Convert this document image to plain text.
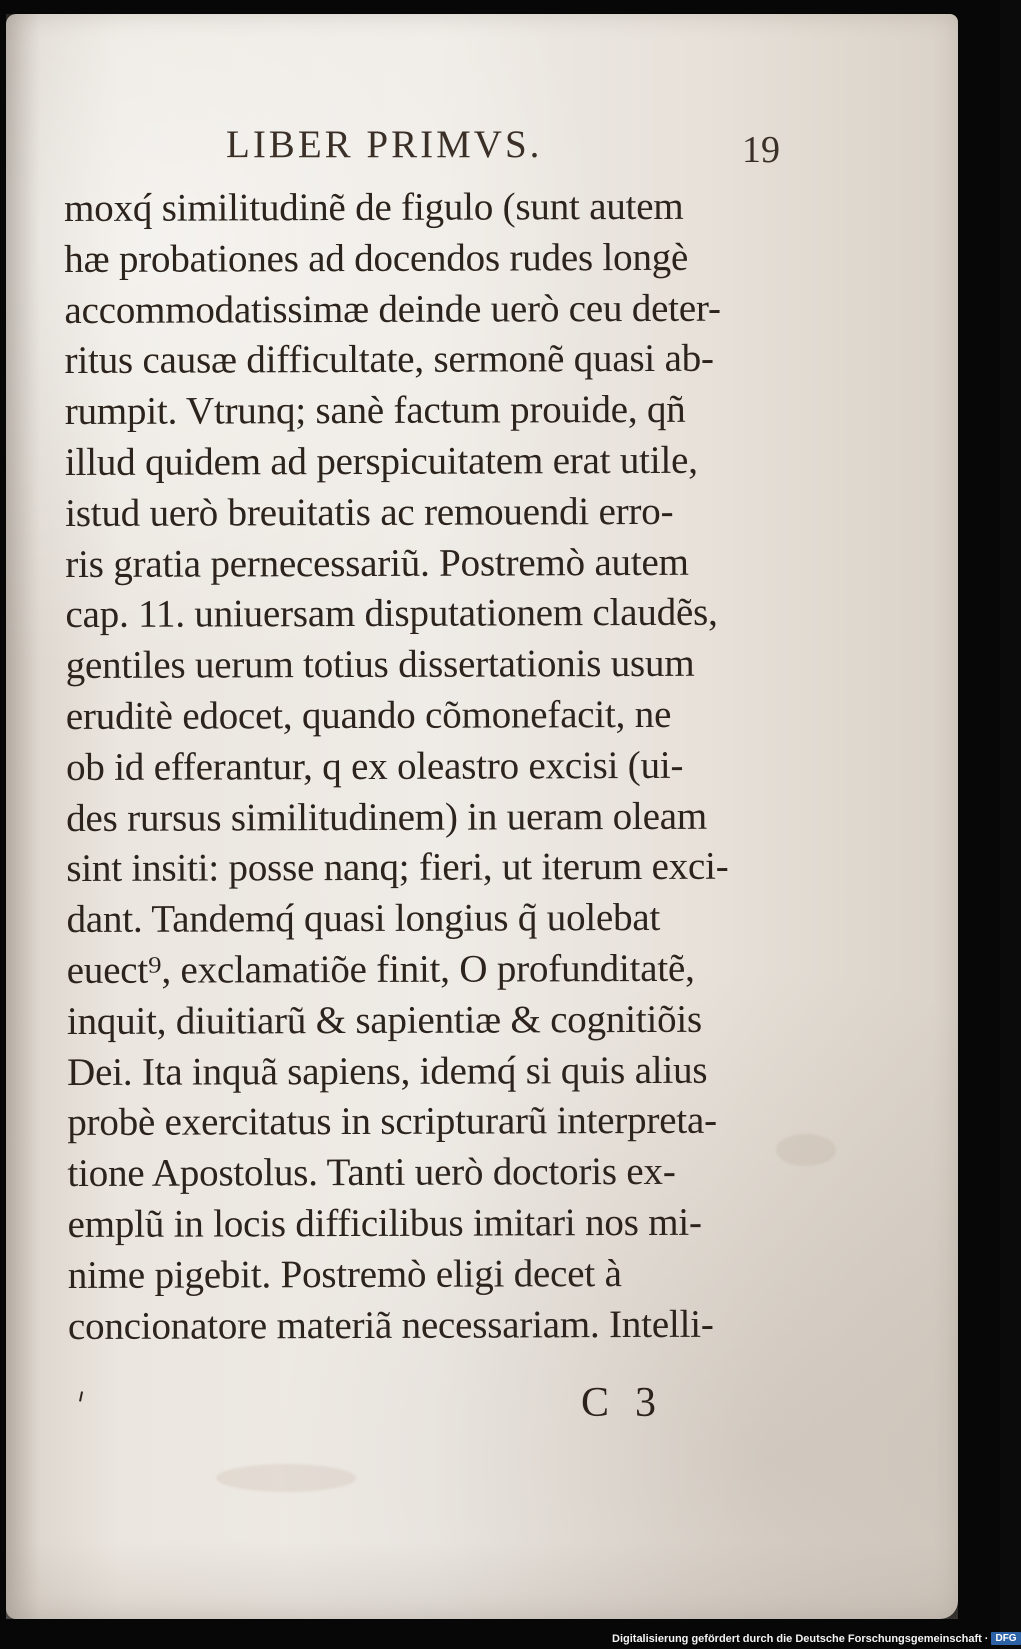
LIBER PRIMVS.	19
moxq́ similitudinẽ de figulo (sunt autem
hæ probationes ad docendos rudes longè
accommodatissimæ deinde uerò ceu deter-
ritus causæ difficultate, sermonẽ quasi ab-
rumpit. Vtrunq; sanè factum prouide, qñ
illud quidem ad perspicuitatem erat utile,
istud uerò breuitatis ac remouendi erro-
ris gratia pernecessariũ. Postremò autem
cap. 11. uniuersam disputationem claudẽs,
gentiles uerum totius dissertationis usum
eruditè edocet, quando cõmonefacit, ne
ob id efferantur, q ex oleastro excisi (ui-
des rursus similitudinem) in ueram oleam
sint insiti: posse nanq; fieri, ut iterum exci-
dant. Tandemq́ quasi longius q̃ uolebat
euect⁹, exclamatiõe finit, O profunditatẽ,
inquit, diuitiarũ & sapientiæ & cognitiõis
Dei. Ita inquã sapiens, idemq́ si quis alius
probè exercitatus in scripturarũ interpreta-
tione Apostolus. Tanti uerò doctoris ex-
emplũ in locis difficilibus imitari nos mi-
nime pigebit. Postremò eligi decet à
concionatore materiã necessariam. Intelli-
C3
Digitalisierung gefördert durch die Deutsche Forschungsgemeinschaft · DFG
